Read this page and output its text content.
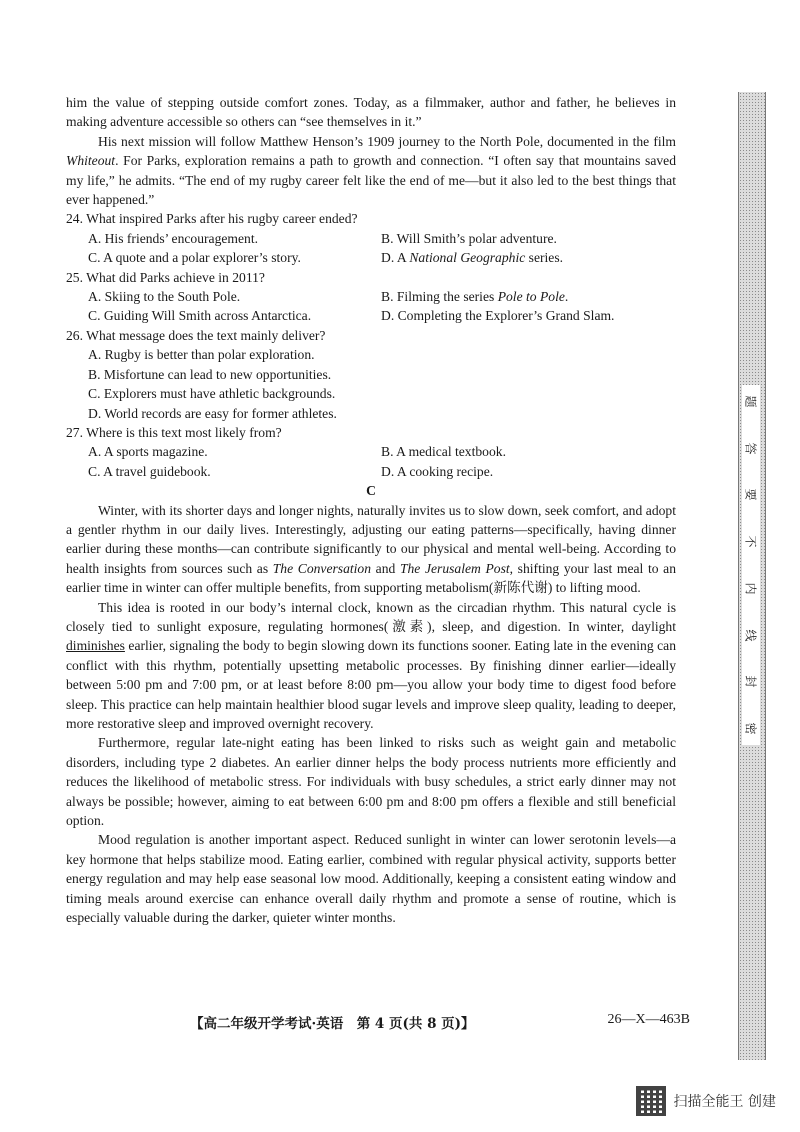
him the value of stepping outside comfort zones. Today, as a filmmaker, author and father, he believes in making adventure accessible so others can “see themselves in it.”

His next mission will follow Matthew Henson’s 1909 journey to the North Pole, documented in the film Whiteout. For Parks, exploration remains a path to growth and connection. “I often say that mountains saved my life,” he admits. “The end of my rugby career felt like the end of me—but it also led to the best things that ever happened.”

24. What inspired Parks after his rugby career ended?

A. His friends’ encouragement.	B. Will Smith’s polar adventure.
C. A quote and a polar explorer’s story.	D. A National Geographic series.

25. What did Parks achieve in 2011?

A. Skiing to the South Pole.	B. Filming the series Pole to Pole.
C. Guiding Will Smith across Antarctica.	D. Completing the Explorer’s Grand Slam.

26. What message does the text mainly deliver?

A. Rugby is better than polar exploration.
B. Misfortune can lead to new opportunities.
C. Explorers must have athletic backgrounds.
D. World records are easy for former athletes.

27. Where is this text most likely from?

A. A sports magazine.	B. A medical textbook.
C. A travel guidebook.	D. A cooking recipe.

C

Winter, with its shorter days and longer nights, naturally invites us to slow down, seek comfort, and adopt a gentler rhythm in our daily lives. Interestingly, adjusting our eating patterns—specifically, having dinner earlier during these months—can contribute significantly to our physical and mental well-being. According to health insights from sources such as The Conversation and The Jerusalem Post, shifting your last meal to an earlier time in winter can offer multiple benefits, from supporting metabolism(新陈代谢) to lifting mood.

This idea is rooted in our body’s internal clock, known as the circadian rhythm. This natural cycle is closely tied to sunlight exposure, regulating hormones(激素), sleep, and digestion. In winter, daylight diminishes earlier, signaling the body to begin slowing down its functions sooner. Eating late in the evening can conflict with this rhythm, potentially upsetting metabolic processes. By finishing dinner earlier—ideally between 5:00 pm and 7:00 pm, or at least before 8:00 pm—you allow your body time to digest food before sleep. This practice can help maintain healthier blood sugar levels and improve sleep quality, leading to deeper, more restorative sleep and improved overnight recovery.

Furthermore, regular late-night eating has been linked to risks such as weight gain and metabolic disorders, including type 2 diabetes. An earlier dinner helps the body process nutrients more efficiently and reduces the likelihood of metabolic stress. For individuals with busy schedules, a strict early dinner may not always be possible; however, aiming to eat between 6:00 pm and 8:00 pm offers a flexible and still beneficial option.

Mood regulation is another important aspect. Reduced sunlight in winter can lower serotonin levels—a key hormone that helps stabilize mood. Eating earlier, combined with regular physical activity, supports better energy regulation and may help ease seasonal low mood. Additionally, keeping a consistent eating window and timing meals around exercise can enhance overall daily rhythm and promote a sense of routine, which is especially valuable during the darker, quieter winter months.

【高二年级开学考试·英语　第 4 页(共 8 页)】	26—X—463B
题
答
要
不
内
线
封
密
扫描全能王 创建
